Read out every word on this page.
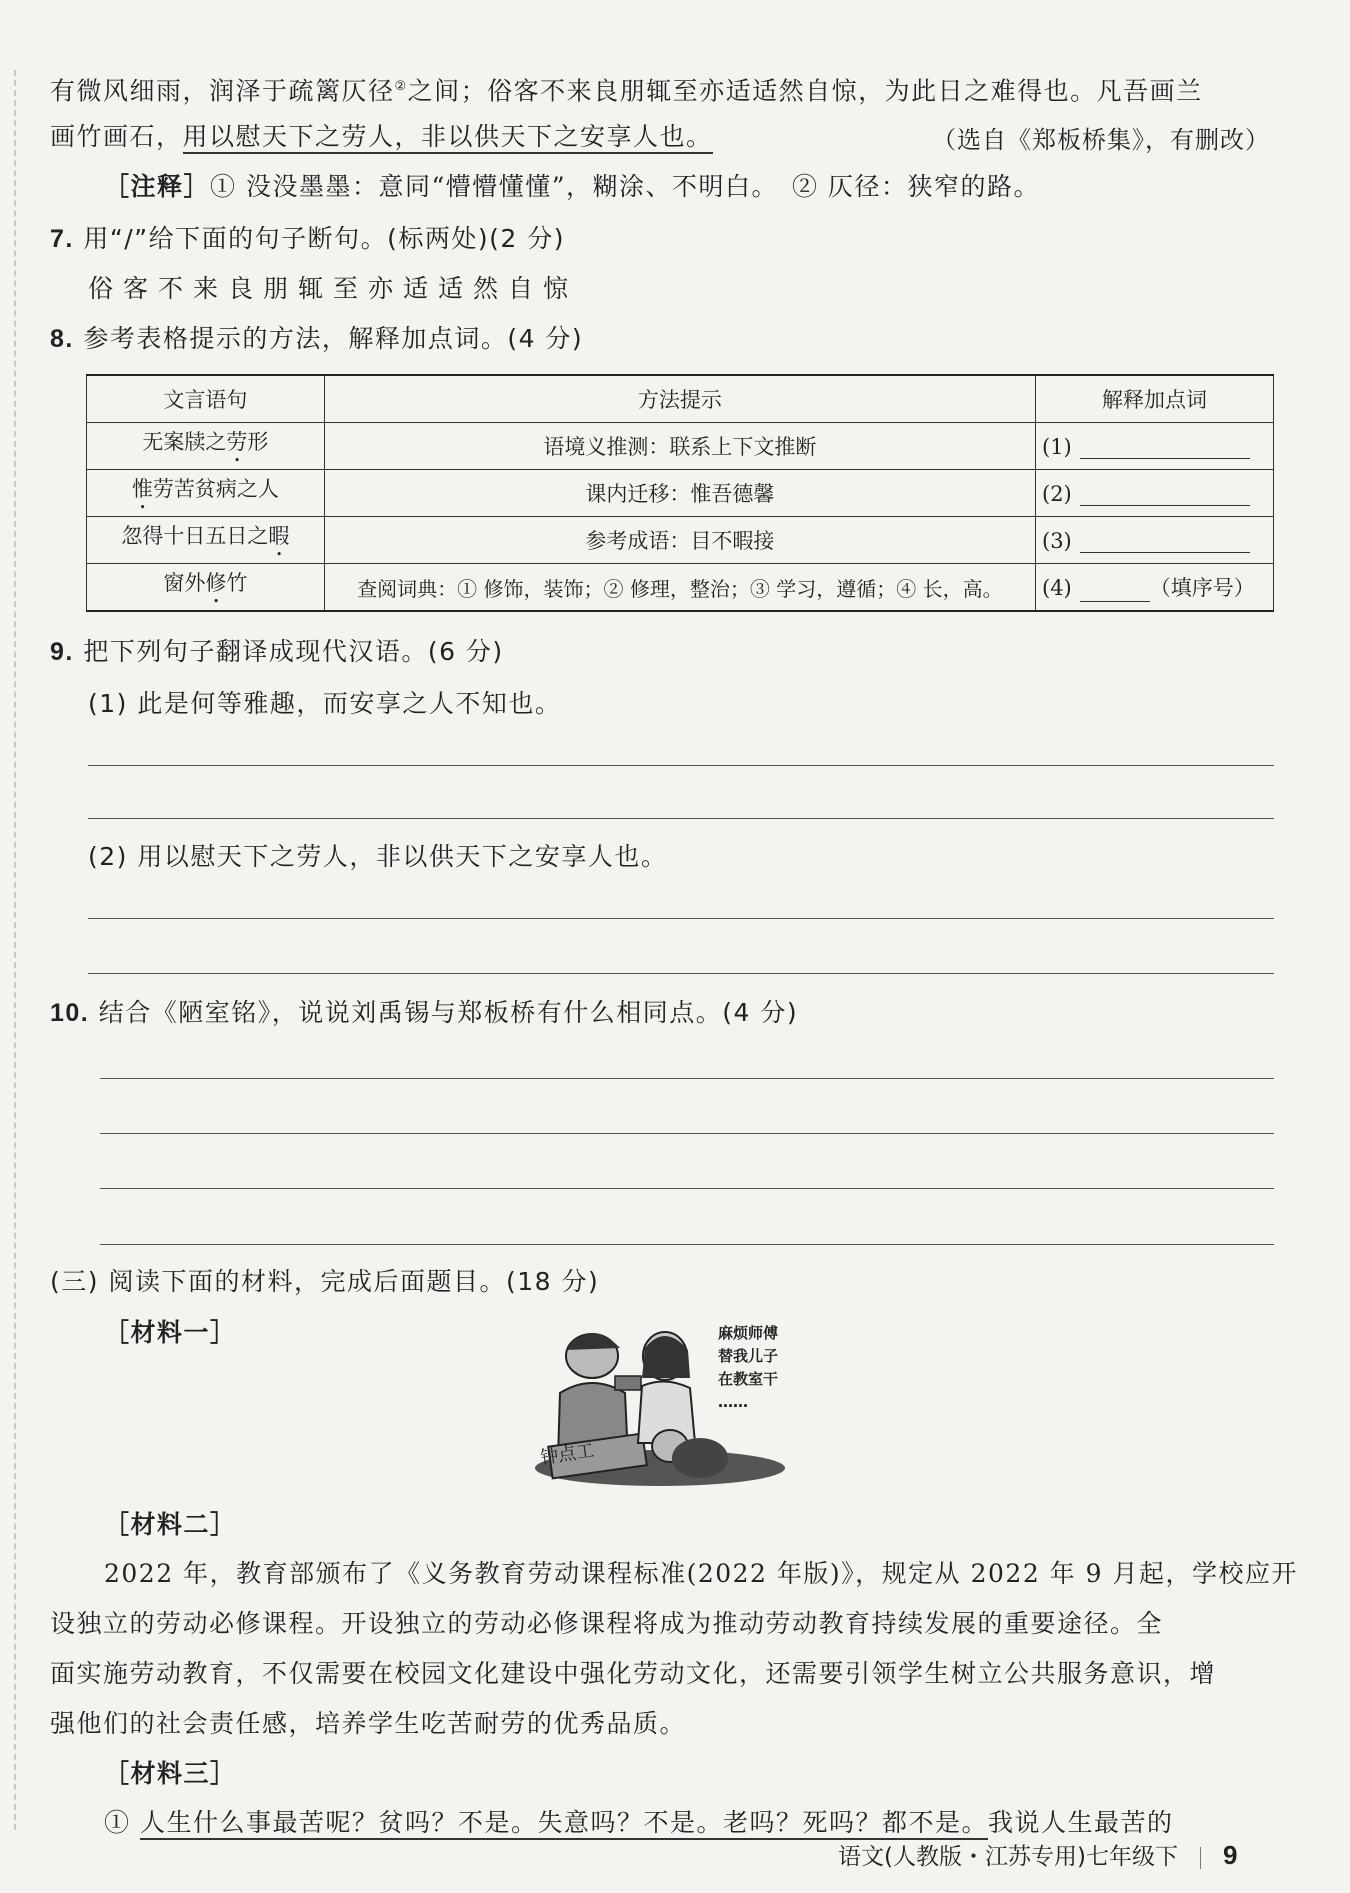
有微风细雨，润泽于疏篱仄径②之间；俗客不来良朋辄至亦适适然自惊，为此日之难得也。凡吾画兰
画竹画石，用以慰天下之劳人，非以供天下之安享人也。	（选自《郑板桥集》，有删改）
［注释］① 没没墨墨：意同“懵懵懂懂”，糊涂、不明白。　② 仄径：狭窄的路。
7. 用“/”给下面的句子断句。(标两处)(2 分)
俗客不来良朋辄至亦适适然自惊
8. 参考表格提示的方法，解释加点词。(4 分)
文言语句	方法提示	解释加点词
无案牍之劳形	语境义推测：联系上下文推断	(1)
惟劳苦贫病之人	课内迁移：惟吾德馨	(2)
忽得十日五日之暇	参考成语：目不暇接	(3)
窗外修竹	查阅词典：① 修饰，装饰；② 修理，整治；③ 学习，遵循；④ 长，高。	(4) （填序号）
9. 把下列句子翻译成现代汉语。(6 分)
(1) 此是何等雅趣，而安享之人不知也。
(2) 用以慰天下之劳人，非以供天下之安享人也。
10. 结合《陋室铭》，说说刘禹锡与郑板桥有什么相同点。(4 分)
(三) 阅读下面的材料，完成后面题目。(18 分)
［材料一］
钟点工
麻烦师傅
替我儿子
在教室干
……
［材料二］
2022 年，教育部颁布了《义务教育劳动课程标准(2022 年版)》，规定从 2022 年 9 月起，学校应开
设独立的劳动必修课程。开设独立的劳动必修课程将成为推动劳动教育持续发展的重要途径。全
面实施劳动教育，不仅需要在校园文化建设中强化劳动文化，还需要引领学生树立公共服务意识，增
强他们的社会责任感，培养学生吃苦耐劳的优秀品质。
［材料三］
① 人生什么事最苦呢？贫吗？不是。失意吗？不是。老吗？死吗？都不是。我说人生最苦的
语文(人教版・江苏专用)七年级下 9
